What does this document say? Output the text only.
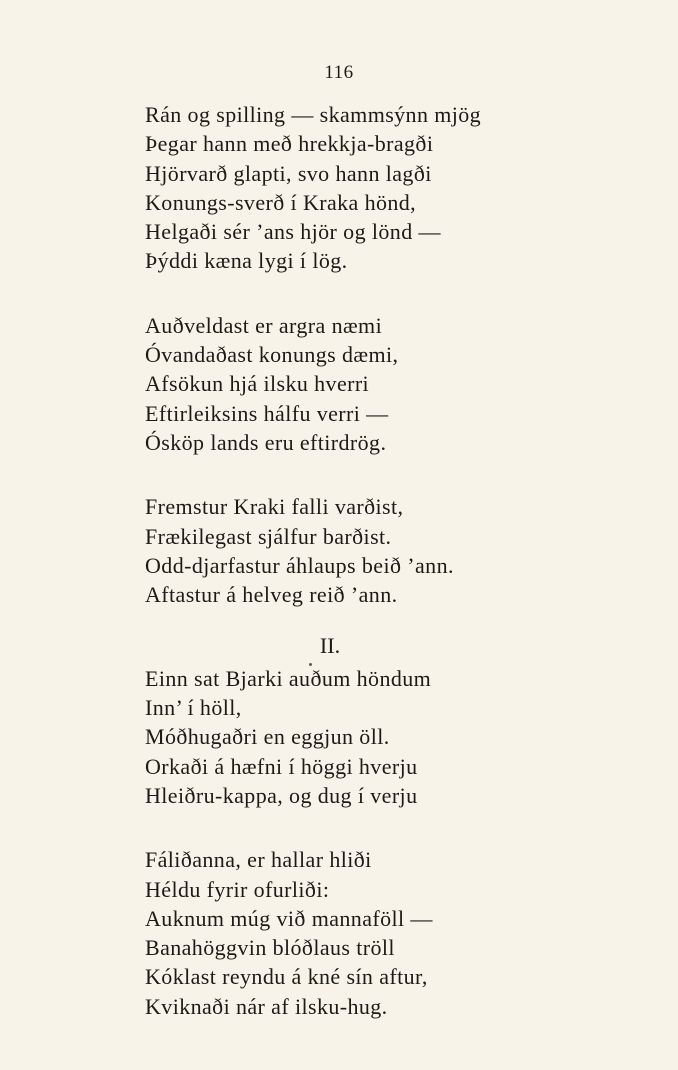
116
Rán og spilling — skammsýnn mjög
Þegar hann með hrekkja-bragði
Hjörvarð glapti, svo hann lagði
Konungs-sverð í Kraka hönd,
Helgaði sér ’ans hjör og lönd —
Þýddi kæna lygi í lög.
Auðveldast er argra næmi
Óvandaðast konungs dæmi,
Afsökun hjá ilsku hverri
Eftirleiksins hálfu verri —
Ósköp lands eru eftirdrög.
Fremstur Kraki falli varðist,
Frækilegast sjálfur barðist.
Odd-djarfastur áhlaups beið ’ann.
Aftastur á helveg reið ’ann.
II.
Einn sat Bjarki auðum höndum
Inn’ í höll,
Móðhugaðri en eggjun öll.
Orkaði á hæfni í höggi hverju
Hleiðru-kappa, og dug í verju
Fáliðanna, er hallar hliði
Héldu fyrir ofurliði:
Auknum múg við mannaföll —
Banahöggvin blóðlaus tröll
Kóklast reyndu á kné sín aftur,
Kviknaði nár af ilsku-hug.
